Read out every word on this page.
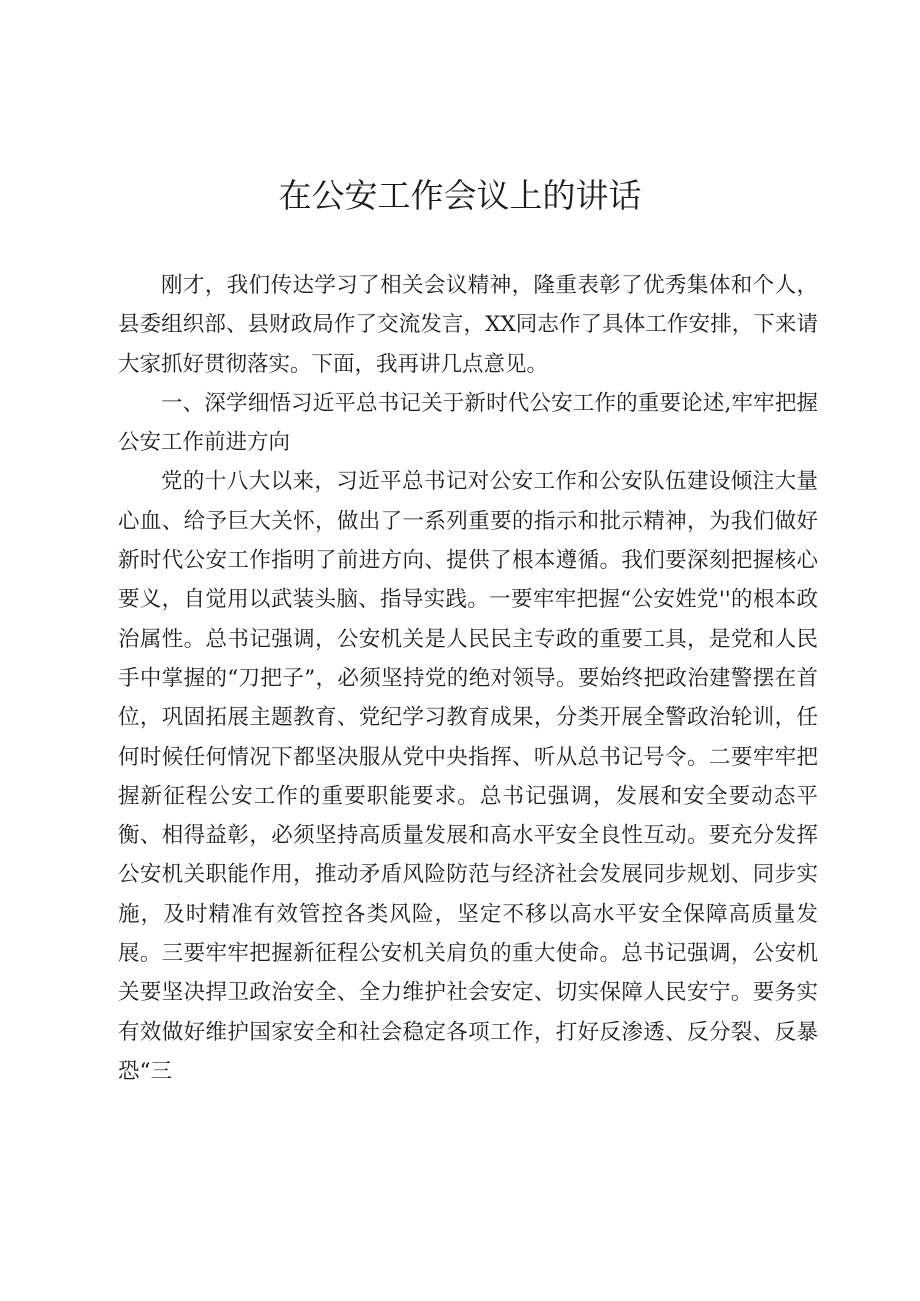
在公安工作会议上的讲话

刚才，我们传达学习了相关会议精神，隆重表彰了优秀集体和个人，县委组织部、县财政局作了交流发言，XX同志作了具体工作安排，下来请大家抓好贯彻落实。下面，我再讲几点意见。

一、深学细悟习近平总书记关于新时代公安工作的重要论述,牢牢把握公安工作前进方向

党的十八大以来，习近平总书记对公安工作和公安队伍建设倾注大量心血、给予巨大关怀，做出了一系列重要的指示和批示精神，为我们做好新时代公安工作指明了前进方向、提供了根本遵循。我们要深刻把握核心要义，自觉用以武装头脑、指导实践。一要牢牢把握“公安姓党''的根本政治属性。总书记强调，公安机关是人民民主专政的重要工具，是党和人民手中掌握的“刀把子”，必须坚持党的绝对领导。要始终把政治建警摆在首位，巩固拓展主题教育、党纪学习教育成果，分类开展全警政治轮训，任何时候任何情况下都坚决服从党中央指挥、听从总书记号令。二要牢牢把握新征程公安工作的重要职能要求。总书记强调，发展和安全要动态平衡、相得益彰，必须坚持高质量发展和高水平安全良性互动。要充分发挥公安机关职能作用，推动矛盾风险防范与经济社会发展同步规划、同步实施，及时精准有效管控各类风险，坚定不移以高水平安全保障高质量发展。三要牢牢把握新征程公安机关肩负的重大使命。总书记强调，公安机关要坚决捍卫政治安全、全力维护社会安定、切实保障人民安宁。要务实有效做好维护国家安全和社会稳定各项工作，打好反渗透、反分裂、反暴恐“三
